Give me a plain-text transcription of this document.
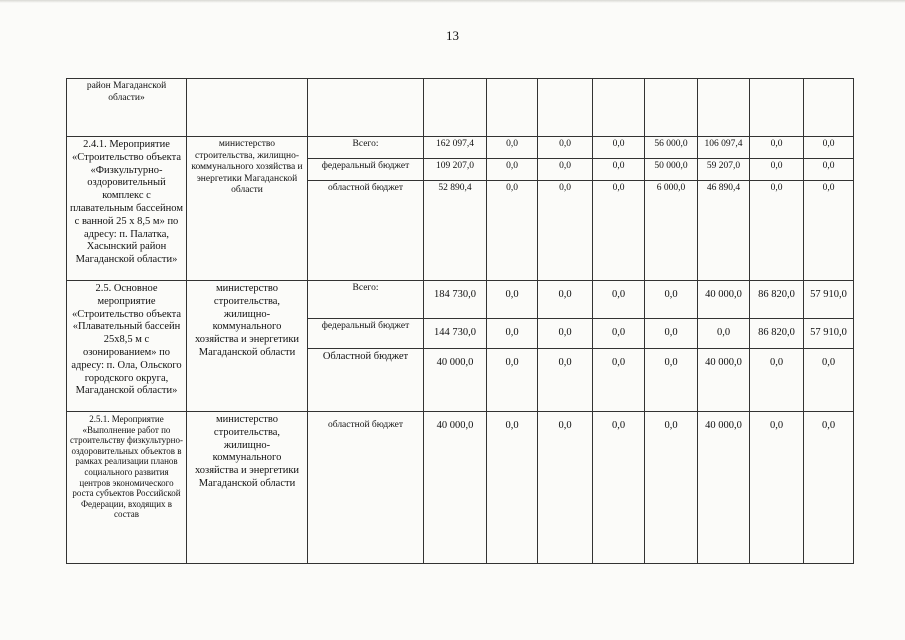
13
район Магаданской области»										
2.4.1. Мероприятие «Строительство объекта «Физкультурно-оздоровительный комплекс с плавательным бассейном с ванной 25 х 8,5 м» по адресу: п. Палатка, Хасынский район Магаданской области»	министерство строительства, жилищно-коммунального хозяйства и энергетики Магаданской области	Всего:	162 097,4	0,0	0,0	0,0	56 000,0	106 097,4	0,0	0,0
		федеральный бюджет	109 207,0	0,0	0,0	0,0	50 000,0	59 207,0	0,0	0,0
		областной бюджет	52 890,4	0,0	0,0	0,0	6 000,0	46 890,4	0,0	0,0
2.5. Основное мероприятие «Строительство объекта «Плавательный бассейн 25х8,5 м с озонированием» по адресу: п. Ола, Ольского городского округа, Магаданской области»	министерство строительства, жилищно-коммунального хозяйства и энергетики Магаданской области	Всего:	184 730,0	0,0	0,0	0,0	0,0	40 000,0	86 820,0	57 910,0
		федеральный бюджет	144 730,0	0,0	0,0	0,0	0,0	0,0	86 820,0	57 910,0
		Областной бюджет	40 000,0	0,0	0,0	0,0	0,0	40 000,0	0,0	0,0
2.5.1. Мероприятие «Выполнение работ по строительству физкультурно-оздоровительных объектов в рамках реализации планов социального развития центров экономического роста субъектов Российской Федерации, входящих в состав	министерство строительства, жилищно-коммунального хозяйства и энергетики Магаданской области	областной бюджет	40 000,0	0,0	0,0	0,0	0,0	40 000,0	0,0	0,0
